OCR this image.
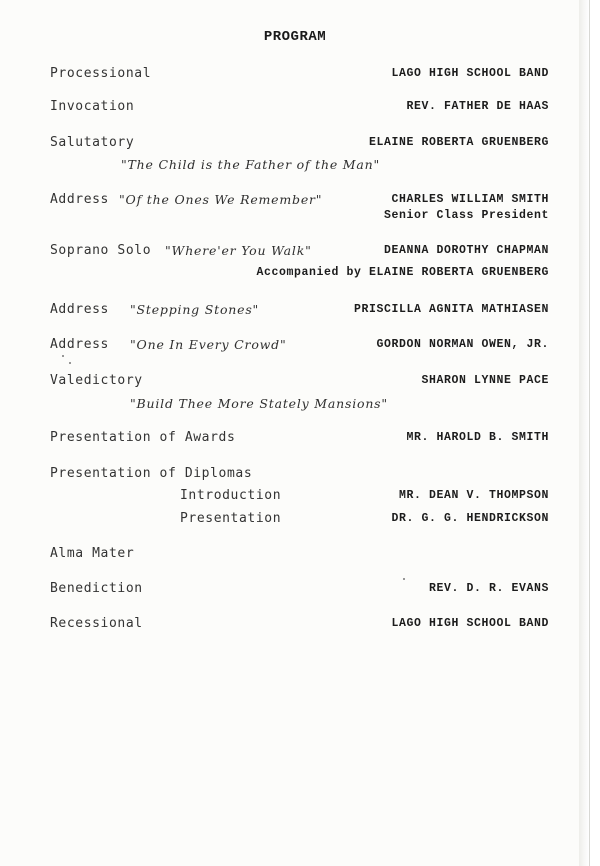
PROGRAM
Processional	LAGO HIGH SCHOOL BAND
Invocation	REV. FATHER DE HAAS
Salutatory	ELAINE ROBERTA GRUENBERG
"The Child is the Father of the Man"
Address "Of the Ones We Remember"	CHARLES WILLIAM SMITH
Senior Class President
Soprano Solo "Where'er You Walk"	DEANNA DOROTHY CHAPMAN
Accompanied by ELAINE ROBERTA GRUENBERG
Address "Stepping Stones"	PRISCILLA AGNITA MATHIASEN
Address "One In Every Crowd"	GORDON NORMAN OWEN, JR.
Valedictory	SHARON LYNNE PACE
"Build Thee More Stately Mansions"
Presentation of Awards	MR. HAROLD B. SMITH
Presentation of Diplomas
Introduction	MR. DEAN V. THOMPSON
Presentation	DR. G. G. HENDRICKSON
Alma Mater
Benediction	REV. D. R. EVANS
Recessional	LAGO HIGH SCHOOL BAND
